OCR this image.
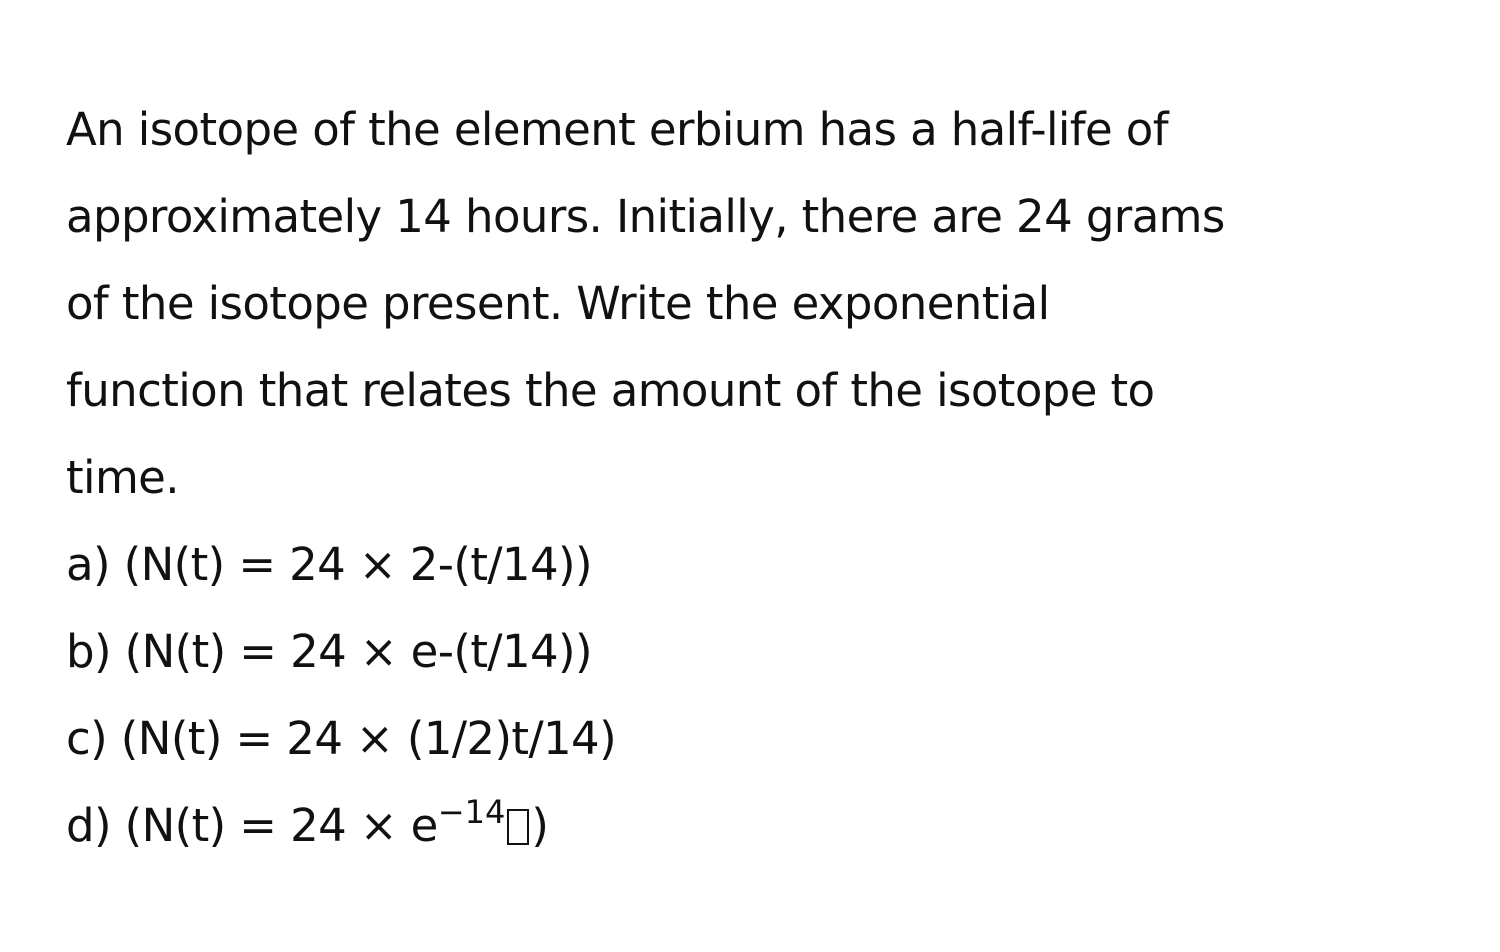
An isotope of the element erbium has a half-life of
approximately 14 hours. Initially, there are 24 grams
of the isotope present. Write the exponential
function that relates the amount of the isotope to
time.
a) (N(t) = 24 × 2-(t/14))
b) (N(t) = 24 × e-(t/14))
c) (N(t) = 24 × (1/2)t/14)
d) ($N(t) = 24 \times e^{-14}$ )
